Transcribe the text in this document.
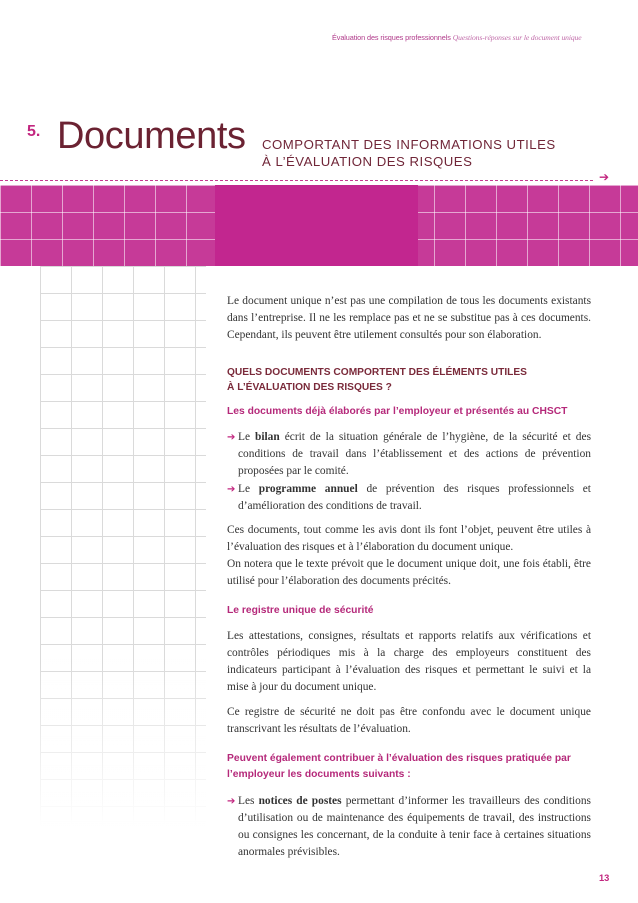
Évaluation des risques professionnels Questions-réponses sur le document unique
5. Documents COMPORTANT DES INFORMATIONS UTILES
À L’ÉVALUATION DES RISQUES
➔

Le document unique n’est pas une compilation de tous les documents existants dans l’entreprise. Il ne les remplace pas et ne se substitue pas à ces documents. Cependant, ils peuvent être utilement consultés pour son élaboration.

QUELS DOCUMENTS COMPORTENT DES ÉLÉMENTS UTILES
À L’ÉVALUATION DES RISQUES ?

Les documents déjà élaborés par l’employeur et présentés au CHSCT

➔ Le bilan écrit de la situation générale de l’hygiène, de la sécurité et des conditions de travail dans l’établissement et des actions de prévention proposées par le comité.
➔ Le programme annuel de prévention des risques professionnels et d’amélioration des conditions de travail.

Ces documents, tout comme les avis dont ils font l’objet, peuvent être utiles à l’évaluation des risques et à l’élaboration du document unique.

On notera que le texte prévoit que le document unique doit, une fois établi, être utilisé pour l’élaboration des documents précités.

Le registre unique de sécurité

Les attestations, consignes, résultats et rapports relatifs aux vérifications et contrôles périodiques mis à la charge des employeurs constituent des indicateurs participant à l’évaluation des risques et permettant le suivi et la mise à jour du document unique.

Ce registre de sécurité ne doit pas être confondu avec le document unique transcrivant les résultats de l’évaluation.

Peuvent également contribuer à l’évaluation des risques pratiquée par
l’employeur les documents suivants :

➔ Les notices de postes permettant d’informer les travailleurs des conditions d’utilisation ou de maintenance des équipements de travail, des instructions ou consignes les concernant, de la conduite à tenir face à certaines situations anormales prévisibles.
13
